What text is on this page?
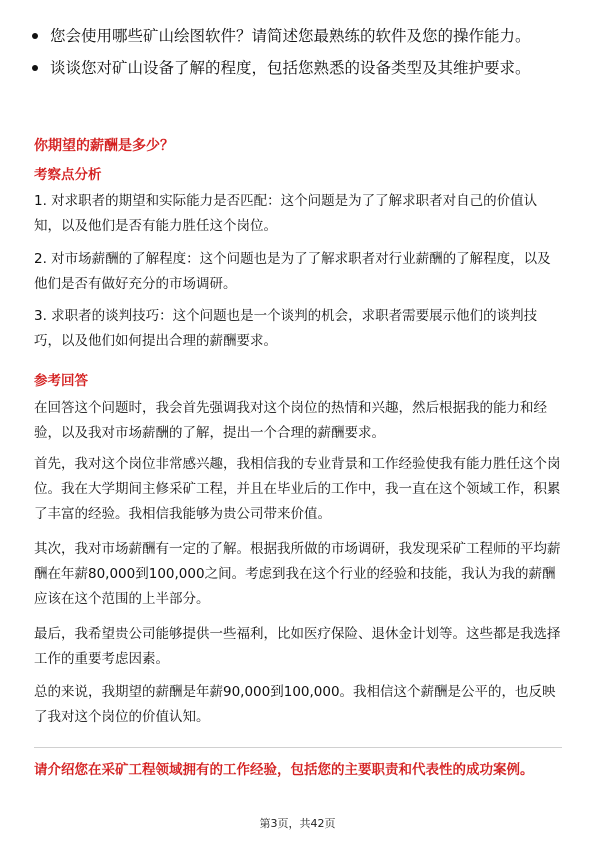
您会使用哪些矿山绘图软件？请简述您最熟练的软件及您的操作能力。
谈谈您对矿山设备了解的程度，包括您熟悉的设备类型及其维护要求。
你期望的薪酬是多少？
考察点分析
1. 对求职者的期望和实际能力是否匹配：这个问题是为了了解求职者对自己的价值认知，以及他们是否有能力胜任这个岗位。
2. 对市场薪酬的了解程度：这个问题也是为了了解求职者对行业薪酬的了解程度，以及他们是否有做好充分的市场调研。
3. 求职者的谈判技巧：这个问题也是一个谈判的机会，求职者需要展示他们的谈判技巧，以及他们如何提出合理的薪酬要求。
参考回答
在回答这个问题时，我会首先强调我对这个岗位的热情和兴趣，然后根据我的能力和经验，以及我对市场薪酬的了解，提出一个合理的薪酬要求。
首先，我对这个岗位非常感兴趣，我相信我的专业背景和工作经验使我有能力胜任这个岗位。我在大学期间主修采矿工程，并且在毕业后的工作中，我一直在这个领域工作，积累了丰富的经验。我相信我能够为贵公司带来价值。
其次，我对市场薪酬有一定的了解。根据我所做的市场调研，我发现采矿工程师的平均薪酬在年薪80,000到100,000之间。考虑到我在这个行业的经验和技能，我认为我的薪酬应该在这个范围的上半部分。
最后，我希望贵公司能够提供一些福利，比如医疗保险、退休金计划等。这些都是我选择工作的重要考虑因素。
总的来说，我期望的薪酬是年薪90,000到100,000。我相信这个薪酬是公平的，也反映了我对这个岗位的价值认知。
请介绍您在采矿工程领域拥有的工作经验，包括您的主要职责和代表性的成功案例。
第3页，共42页
